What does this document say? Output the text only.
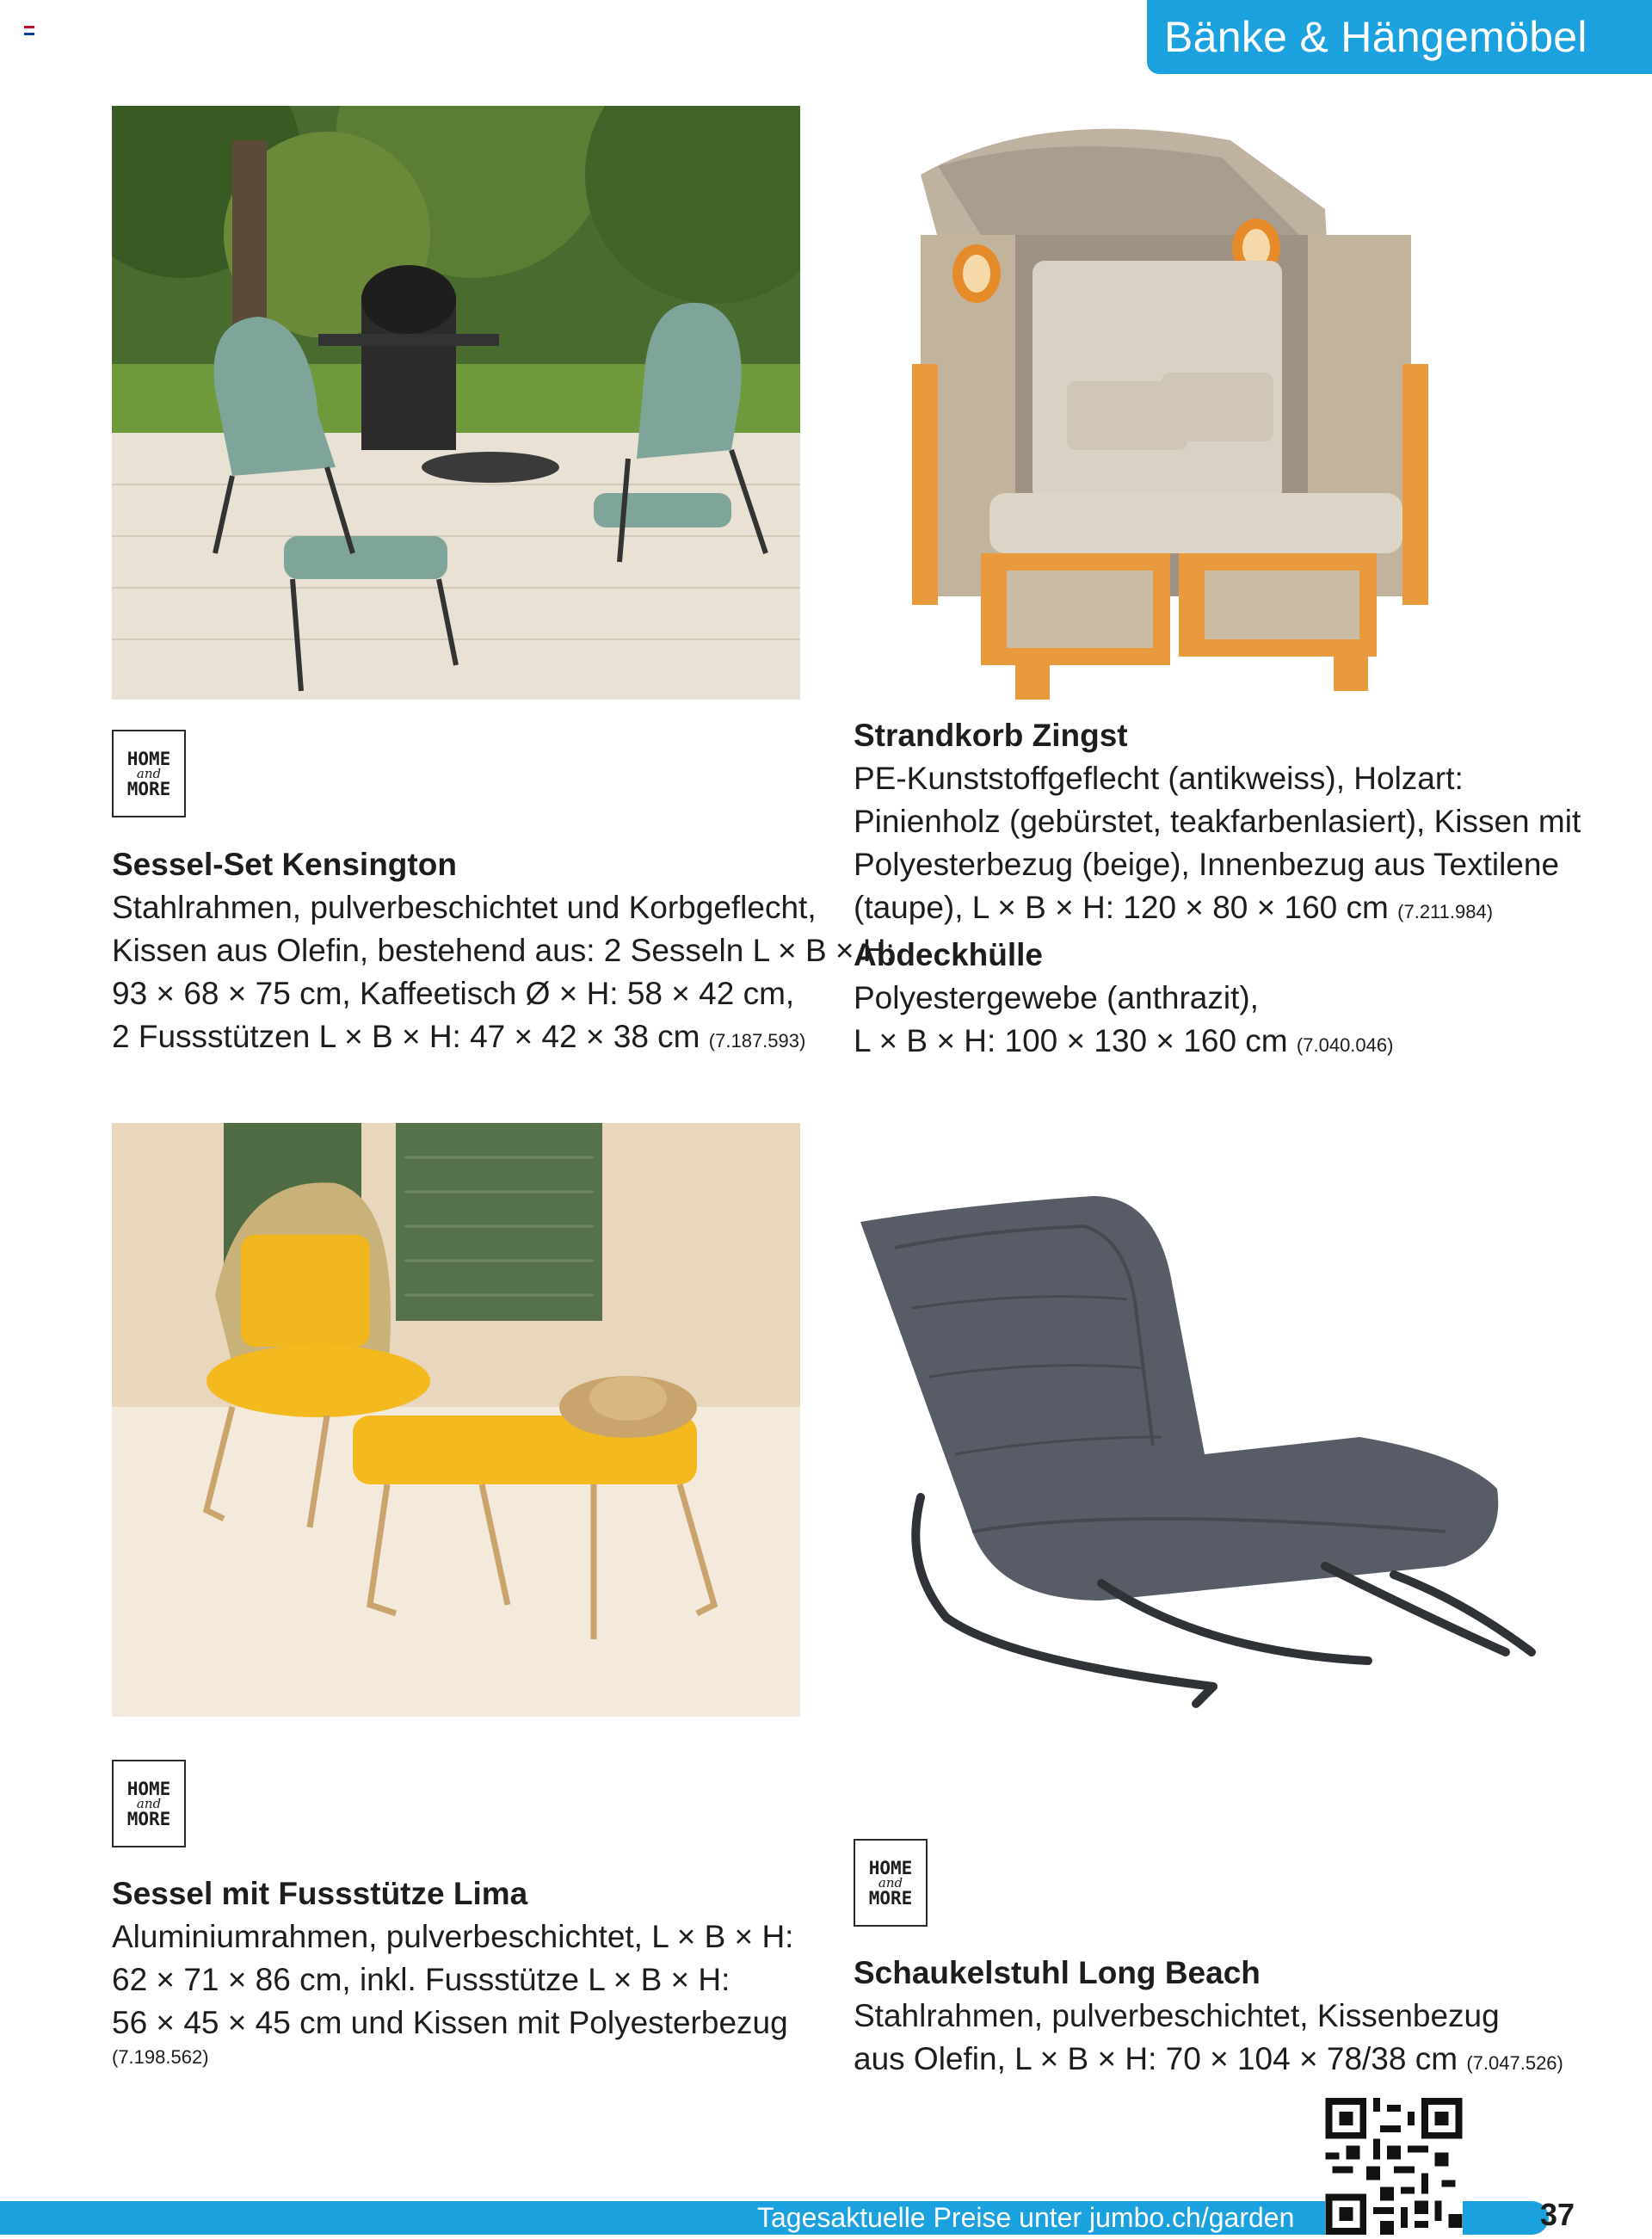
Bänke & Hängemöbel
HOME
and
MORE
Sessel-Set Kensington
Stahlrahmen, pulverbeschichtet und Korbgeflecht,
Kissen aus Olefin, bestehend aus: 2 Sesseln L × B × H:
93 × 68 × 75 cm, Kaffeetisch Ø × H: 58 × 42 cm,
2 Fussstützen L × B × H: 47 × 42 × 38 cm (7.187.593)
Strandkorb Zingst
PE-Kunststoffgeflecht (antikweiss), Holzart:
Pinienholz (gebürstet, teakfarbenlasiert), Kissen mit
Polyesterbezug (beige), Innenbezug aus Textilene
(taupe), L × B × H: 120 × 80 × 160 cm (7.211.984)
Abdeckhülle
Polyestergewebe (anthrazit),
L × B × H: 100 × 130 × 160 cm (7.040.046)
HOME
and
MORE
Sessel mit Fussstütze Lima
Aluminiumrahmen, pulverbeschichtet, L × B × H:
62 × 71 × 86 cm, inkl. Fussstütze L × B × H:
56 × 45 × 45 cm und Kissen mit Polyesterbezug
(7.198.562)
HOME
and
MORE
Schaukelstuhl Long Beach
Stahlrahmen, pulverbeschichtet, Kissenbezug
aus Olefin, L × B × H: 70 × 104 × 78/38 cm (7.047.526)
Tagesaktuelle Preise unter jumbo.ch/garden	37
